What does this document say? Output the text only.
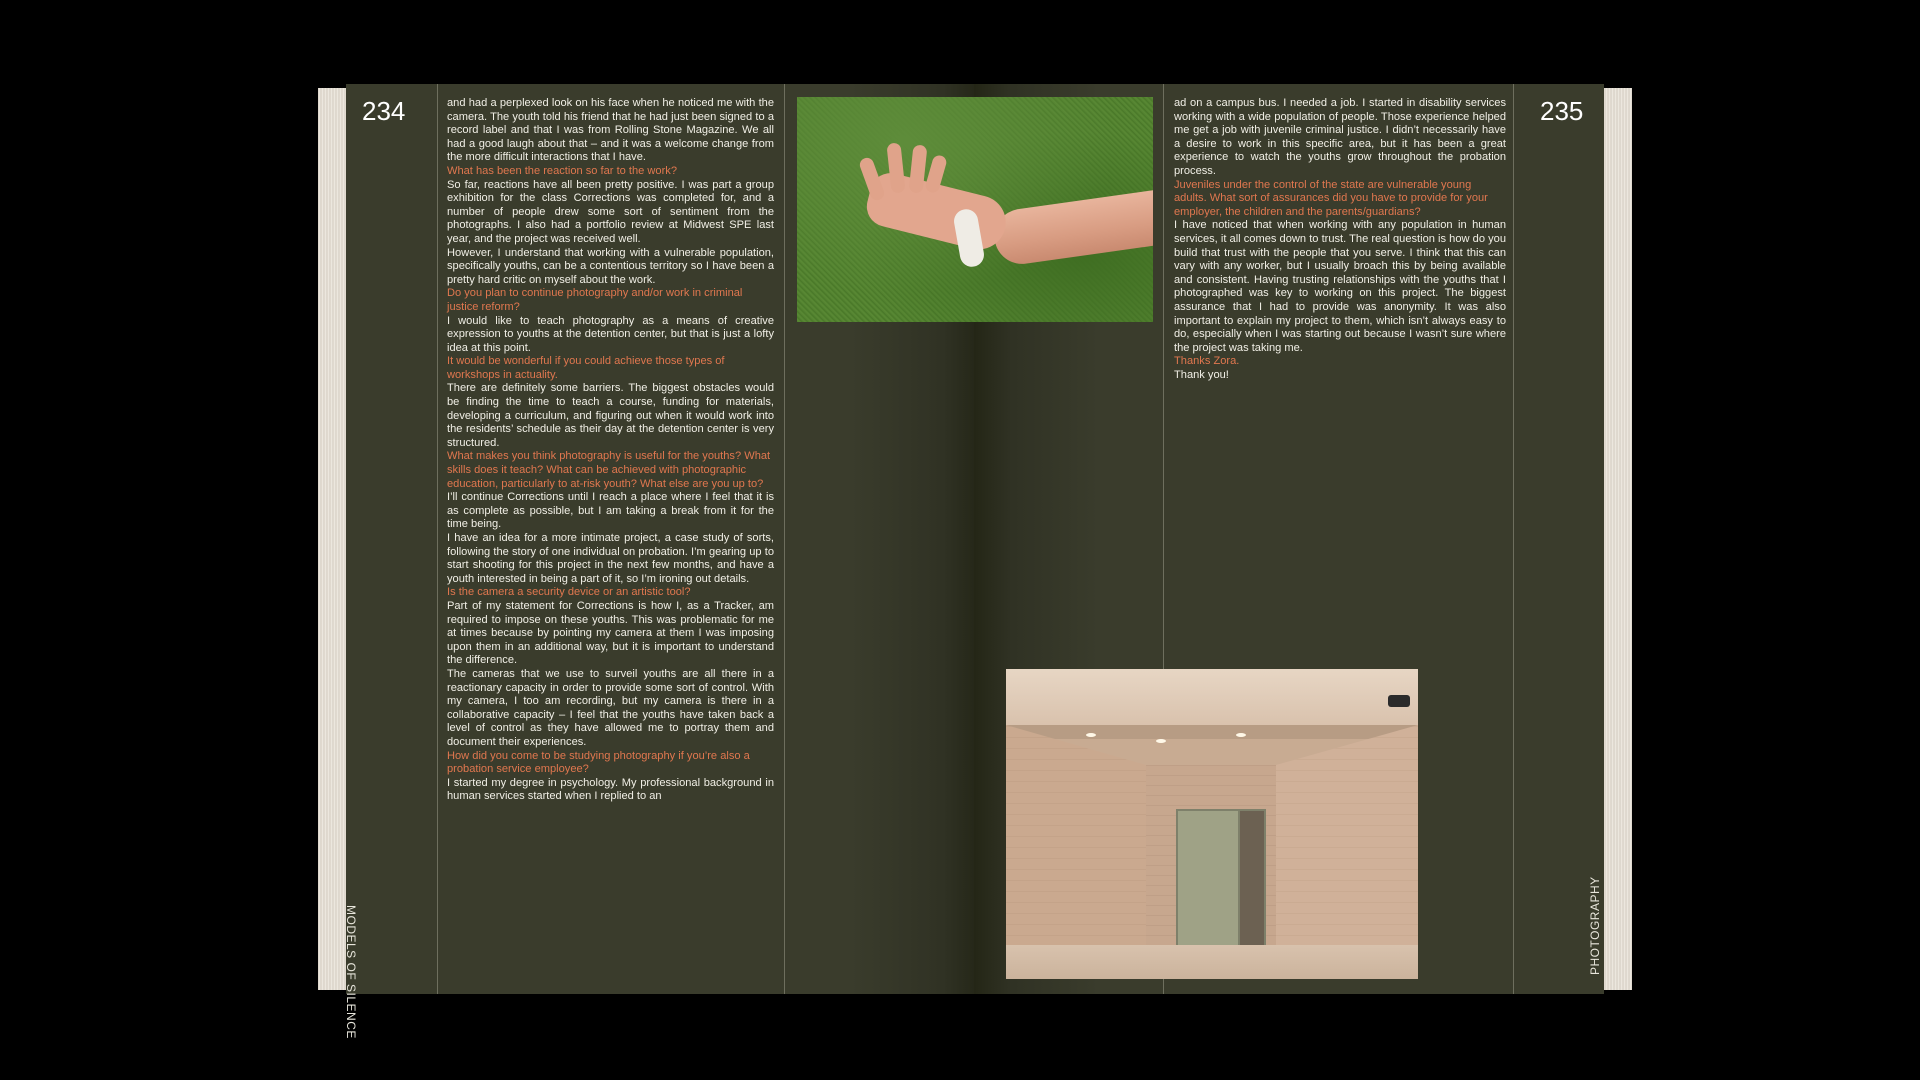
234	235
MODELS OF SILENCE	PHOTOGRAPHY

and had a perplexed look on his face when he noticed me with the camera. The youth told his friend that he had just been signed to a record label and that I was from Rolling Stone Magazine. We all had a good laugh about that – and it was a welcome change from the more difficult interactions that I have.

What has been the reaction so far to the work?

So far, reactions have all been pretty positive. I was part a group exhibition for the class Corrections was completed for, and a number of people drew some sort of sentiment from the photographs. I also had a portfolio review at Midwest SPE last year, and the project was received well.

However, I understand that working with a vulnerable population, specifically youths, can be a contentious territory so I have been a pretty hard critic on myself about the work.

Do you plan to continue photography and/or work in criminal justice reform?

I would like to teach photography as a means of creative expression to youths at the detention center, but that is just a lofty idea at this point.

It would be wonderful if you could achieve those types of workshops in actuality.

There are definitely some barriers. The biggest obstacles would be finding the time to teach a course, funding for materials, developing a curriculum, and figuring out when it would work into the residents’ schedule as their day at the detention center is very structured.

What makes you think photography is useful for the youths? What skills does it teach? What can be achieved with photographic education, particularly to at-risk youth? What else are you up to?

I’ll continue Corrections until I reach a place where I feel that it is as complete as possible, but I am taking a break from it for the time being.

I have an idea for a more intimate project, a case study of sorts, following the story of one individual on probation. I’m gearing up to start shooting for this project in the next few months, and have a youth interested in being a part of it, so I’m ironing out details.

Is the camera a security device or an artistic tool?

Part of my statement for Corrections is how I, as a Tracker, am required to impose on these youths. This was problematic for me at times because by pointing my camera at them I was imposing upon them in an additional way, but it is important to understand the difference.

The cameras that we use to surveil youths are all there in a reactionary capacity in order to provide some sort of control. With my camera, I too am recording, but my camera is there in a collaborative capacity – I feel that the youths have taken back a level of control as they have allowed me to portray them and document their experiences.

How did you come to be studying photography if you’re also a probation service employee?

I started my degree in psychology. My professional background in human services started when I replied to an

ad on a campus bus. I needed a job. I started in disability services working with a wide population of people. Those experience helped me get a job with juvenile criminal justice. I didn’t necessarily have a desire to work in this specific area, but it has been a great experience to watch the youths grow throughout the probation process.

Juveniles under the control of the state are vulnerable young adults. What sort of assurances did you have to provide for your employer, the children and the parents/guardians?

I have noticed that when working with any population in human services, it all comes down to trust. The real question is how do you build that trust with the people that you serve. I think that this can vary with any worker, but I usually broach this by being available and consistent. Having trusting relationships with the youths that I photographed was key to working on this project. The biggest assurance that I had to provide was anonymity. It was also important to explain my project to them, which isn’t always easy to do, especially when I was starting out because I wasn’t sure where the project was taking me.

Thanks Zora.

Thank you!
